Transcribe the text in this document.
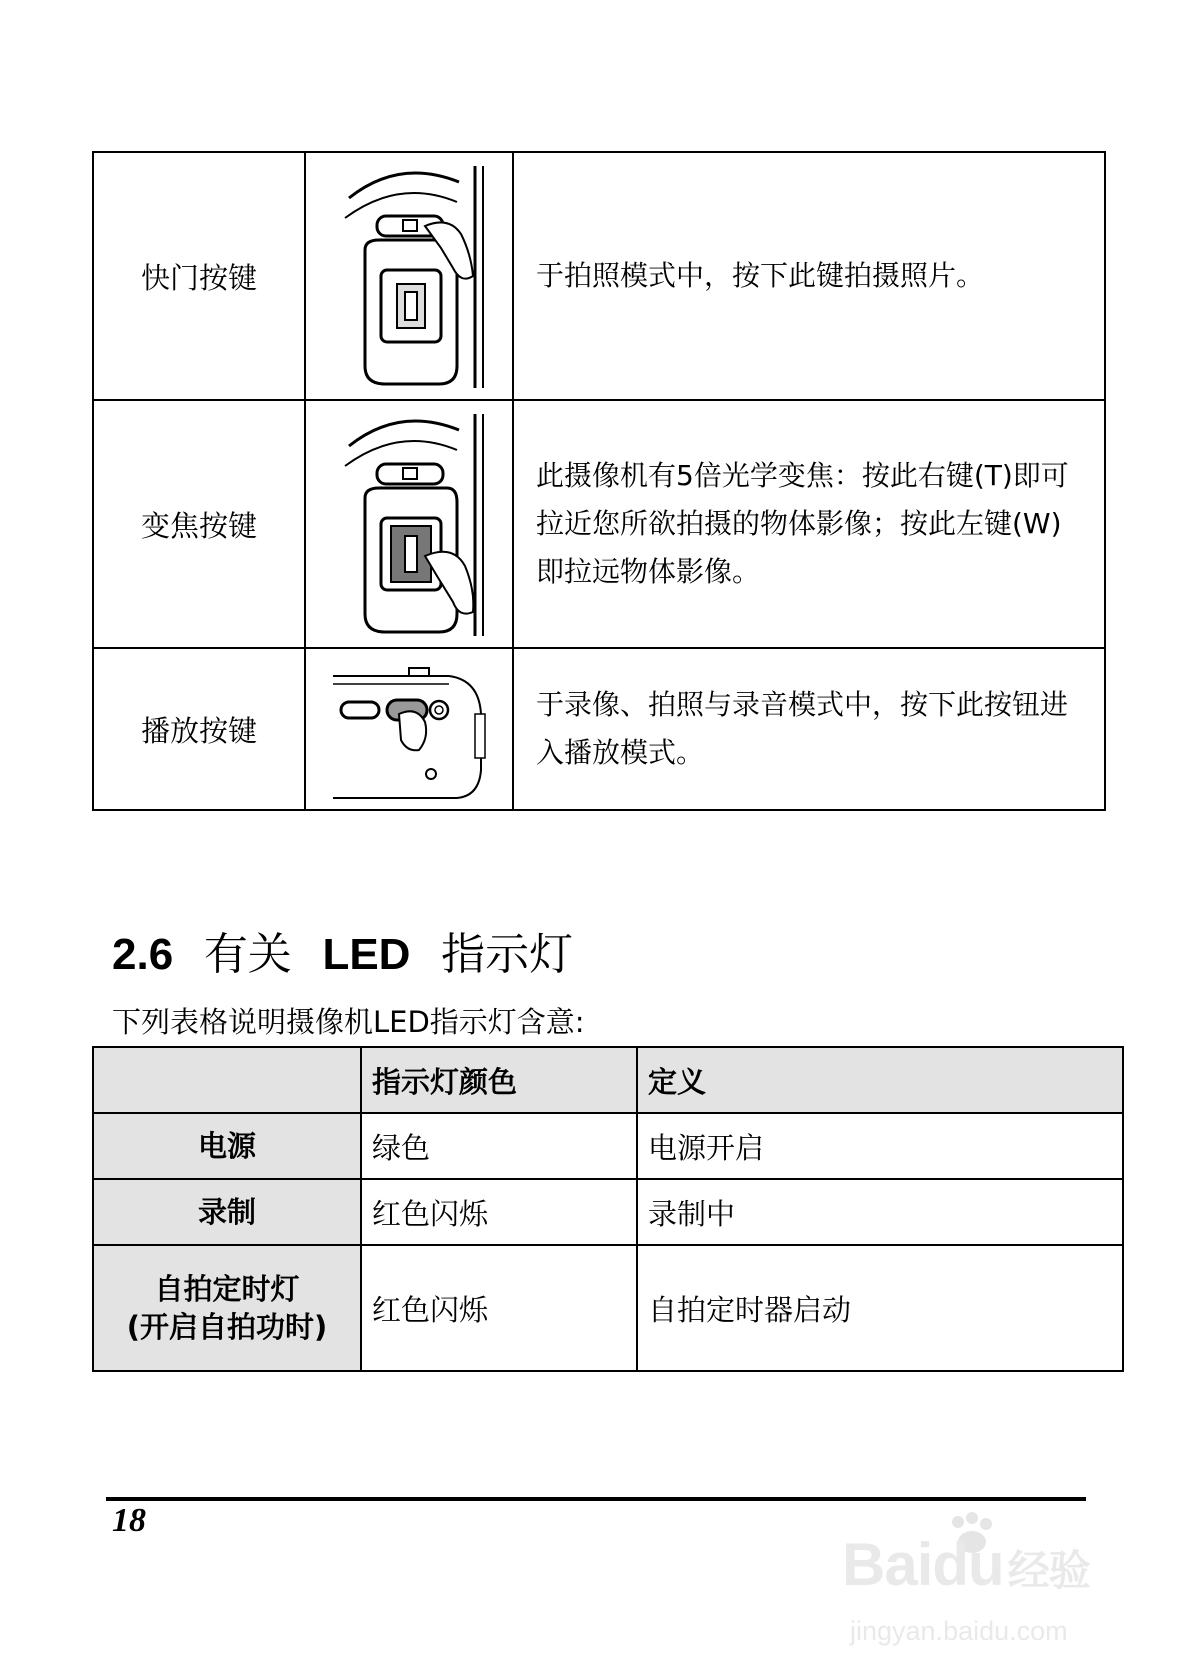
快门按键		于拍照模式中，按下此键拍摄照片。
变焦按键		此摄像机有5倍光学变焦：按此右键(T)即可拉近您所欲拍摄的物体影像；按此左键(W)即拉远物体影像。
播放按键		于录像、拍照与录音模式中，按下此按钮进入播放模式。
2.6 有关 LED 指示灯
下列表格说明摄像机LED指示灯含意:
	指示灯颜色	定义
电源	绿色	电源开启
录制	红色闪烁	录制中

自拍定时灯
(开启自拍功时)	红色闪烁	自拍定时器启动
18
Baidu经验
jingyan.baidu.com
